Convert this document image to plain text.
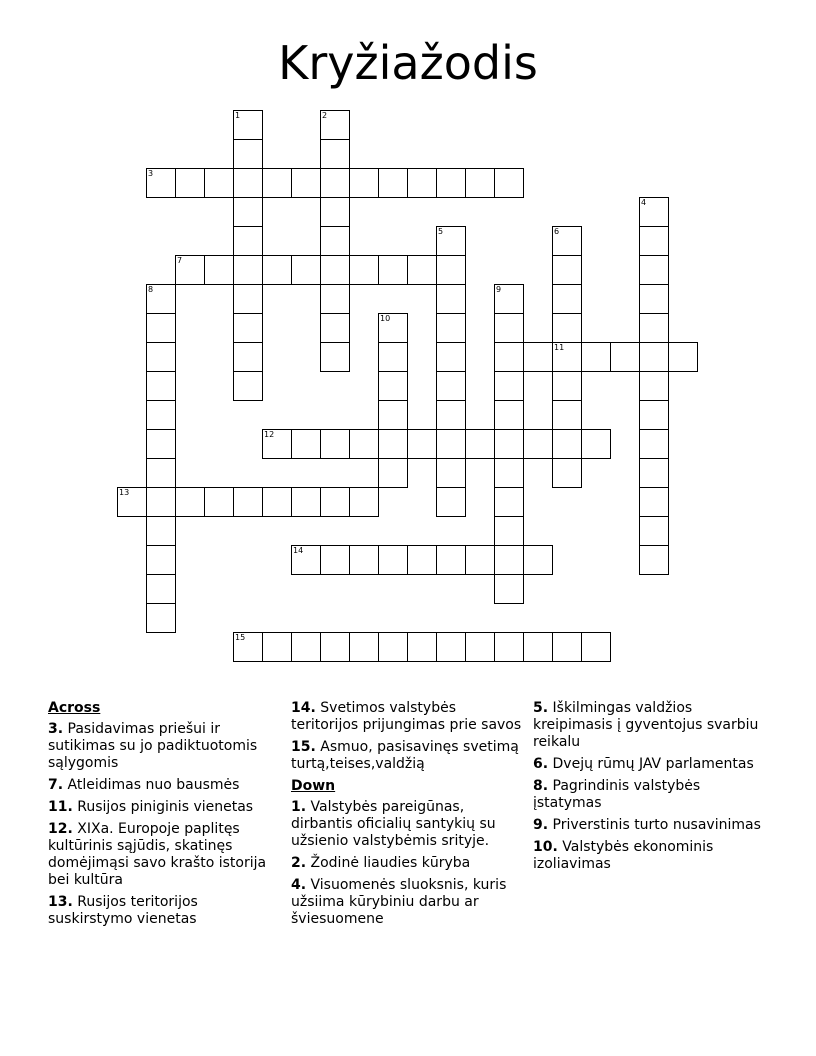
Kryžiažodis
1	2
3
4
5	6
7
8	9
10
11
12
13
14
15
Across
3. Pasidavimas priešui ir sutikimas su jo padiktuotomis sąlygomis
7. Atleidimas nuo bausmės
11. Rusijos piniginis vienetas
12. XIXa. Europoje paplitęs kultūrinis sąjūdis, skatinęs domėjimąsi savo krašto istorija bei kultūra
13. Rusijos teritorijos suskirstymo vienetas
14. Svetimos valstybės teritorijos prijungimas prie savos
15. Asmuo, pasisavinęs svetimą turtą,teises,valdžią
Down
1. Valstybės pareigūnas, dirbantis oficialių santykių su užsienio valstybėmis srityje.
2. Žodinė liaudies kūryba
4. Visuomenės sluoksnis, kuris užsiima kūrybiniu darbu ar šviesuomene
5. Iškilmingas valdžios kreipimasis į gyventojus svarbiu reikalu
6. Dvejų rūmų JAV parlamentas
8. Pagrindinis valstybės įstatymas
9. Priverstinis turto nusavinimas
10. Valstybės ekonominis izoliavimas
